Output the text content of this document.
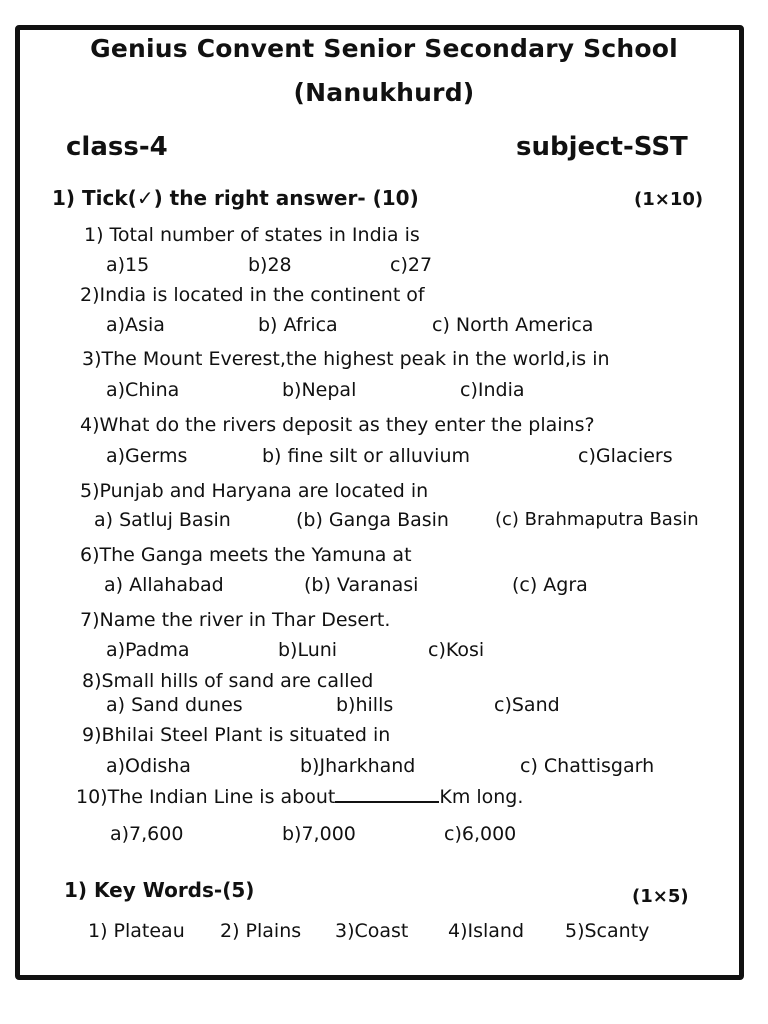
Genius Convent Senior Secondary School
(Nanukhurd)
class-4	subject-SST
1) Tick(✓) the right answer- (10)	(1×10)
1) Total number of states in India is
a)15	b)28	c)27
2)India is located in the continent of
a)Asia	b) Africa	c) North America
3)The Mount Everest,the highest peak in the world,is in
a)China	b)Nepal	c)India
4)What do the rivers deposit as they enter the plains?
a)Germs	b) fine silt or alluvium	c)Glaciers
5)Punjab and Haryana are located in
a) Satluj Basin	(b) Ganga Basin	(c) Brahmaputra Basin
6)The Ganga meets the Yamuna at
a) Allahabad	(b) Varanasi	(c) Agra
7)Name the river in Thar Desert.
a)Padma	b)Luni	c)Kosi
8)Small hills of sand are called
a) Sand dunes	b)hills	c)Sand
9)Bhilai Steel Plant is situated in
a)Odisha	b)Jharkhand	c) Chattisgarh
10)The Indian Line is about	Km long.
a)7,600	b)7,000	c)6,000
1) Key Words-(5)	(1×5)
1) Plateau 2) Plains 3)Coast 4)Island 5)Scanty
